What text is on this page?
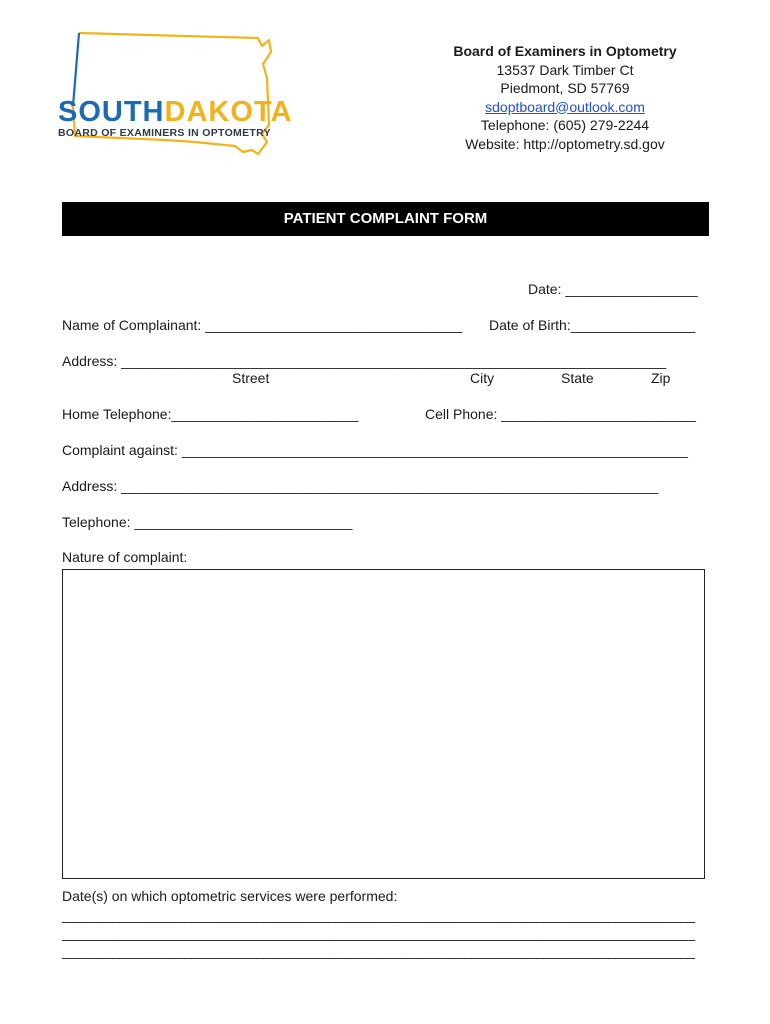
SOUTHDAKOTA
BOARD OF EXAMINERS IN OPTOMETRY
Board of Examiners in Optometry
13537 Dark Timber Ct
Piedmont, SD 57769
sdoptboard@outlook.com
Telephone: (605) 279-2244
Website: http://optometry.sd.gov
PATIENT COMPLAINT FORM
Date: _________________
Name of Complainant: _________________________________ Date of Birth:________________
Address: ______________________________________________________________________
Street	City	State	Zip
Home Telephone:________________________	Cell Phone: _________________________
Complaint against: _________________________________________________________________
Address: _____________________________________________________________________
Telephone: ____________________________
Nature of complaint:
Date(s) on which optometric services were performed:
________________________________________________________________________________________
________________________________________________________________________________________
________________________________________________________________________________________
